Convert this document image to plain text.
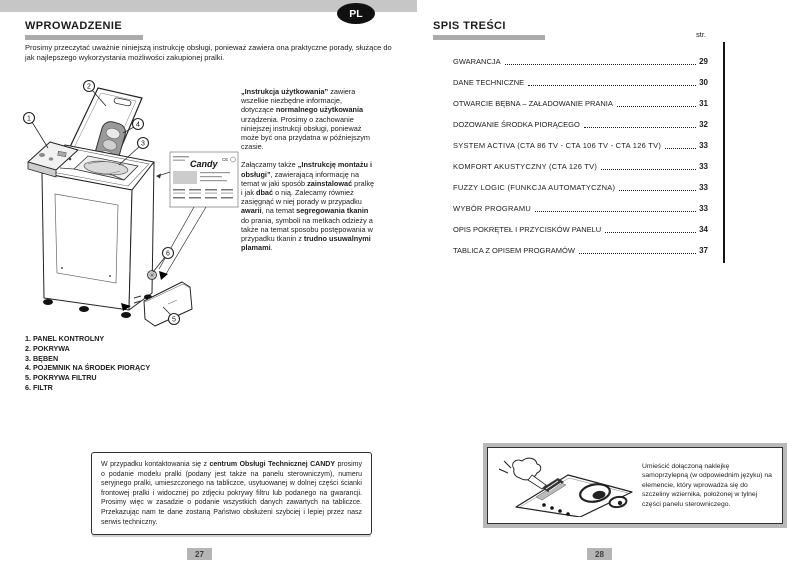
PL
WPROWADZENIE

Prosimy przeczytać uważnie niniejszą instrukcję obsługi, ponieważ zawiera ona praktyczne porady, służące do jak najlepszego wykorzystania możliwości zakupionej pralki.

Candy CE
1
2
3
4
5
6

„Instrukcja użytkowania” zawiera wszelkie niezbędne informacje, dotyczące normalnego użytkowania urządzenia. Prosimy o zachowanie niniejszej instrukcji obsługi, ponieważ może być ona przydatna w późniejszym czasie.

Załączamy także „Instrukcję montażu i obsługi”, zawierającą informację na temat w jaki sposób zainstalować pralkę i jak dbać o nią. Zalecamy również zasięgnąć w niej porady w przypadku awarii, na temat segregowania tkanin do prania, symboli na metkach odzieży a także na temat sposobu postępowania w przypadku tkanin z trudno usuwalnymi plamami.

1. PANEL KONTROLNY
2. POKRYWA
3. BĘBEN
4. POJEMNIK NA ŚRODEK PIORĄCY
5. POKRYWA FILTRU
6. FILTR

W przypadku kontaktowania się z centrum Obsługi Technicznej CANDY prosimy o podanie modelu pralki (podany jest także na panelu sterowniczym), numeru seryjnego pralki, umieszczonego na tabliczce, usytuowanej w dolnej części ścianki frontowej pralki i widocznej po zdjęciu pokrywy filtru lub podanego na gwarancji. Prosimy więc w zasadzie o podanie wszystkich danych zawartych na tabliczce. Przekazując nam te dane zostaną Państwo obsłużeni szybciej i lepiej przez nasz serwis techniczny.

27
SPIS TREŚCI
str.
GWARANCJA	29
DANE TECHNICZNE	30
OTWARCIE BĘBNA – ZAŁADOWANIE PRANIA	31
DOZOWANIE ŚRODKA PIORĄCEGO	32
SYSTEM ACTIVA (CTA 86 TV - CTA 106 TV - CTA 126 TV)	33
KOMFORT AKUSTYCZNY (CTA 126 TV)	33
FUZZY LOGIC (FUNKCJA AUTOMATYCZNA)	33
WYBÓR PROGRAMU	33
OPIS POKRĘTEŁ I PRZYCISKÓW PANELU	34
TABLICA Z OPISEM PROGRAMÓW	37

Umieścić dołączoną naklejkę samoprzylepną (w odpowiednim języku) na elemencie, który wprowadza się do szczeliny wziernika, położonej w tylnej części panelu sterowniczego.

28
